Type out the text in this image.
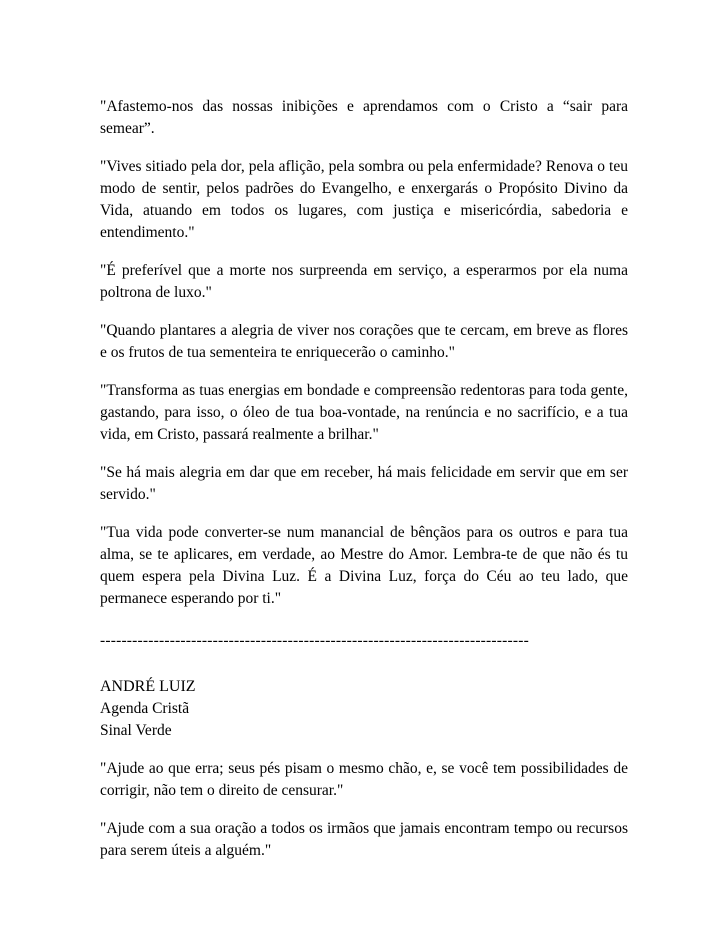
"Afastemo-nos das nossas inibições e aprendamos com o Cristo a “sair para semear”.

"Vives sitiado pela dor, pela aflição, pela sombra ou pela enfermidade? Renova o teu modo de sentir, pelos padrões do Evangelho, e enxergarás o Propósito Divino da Vida, atuando em todos os lugares, com justiça e misericórdia, sabedoria e entendimento."

"É preferível que a morte nos surpreenda em serviço, a esperarmos por ela numa poltrona de luxo."

"Quando plantares a alegria de viver nos corações que te cercam, em breve as flores e os frutos de tua sementeira te enriquecerão o caminho."

"Transforma as tuas energias em bondade e compreensão redentoras para toda gente, gastando, para isso, o óleo de tua boa-vontade, na renúncia e no sacrifício, e a tua vida, em Cristo, passará realmente a brilhar."

"Se há mais alegria em dar que em receber, há mais felicidade em servir que em ser servido."

"Tua vida pode converter-se num manancial de bênçãos para os outros e para tua alma, se te aplicares, em verdade, ao Mestre do Amor. Lembra-te de que não és tu quem espera pela Divina Luz. É a Divina Luz, força do Céu ao teu lado, que permanece esperando por ti."

--------------------------------------------------------------------------------
ANDRÉ LUIZ
Agenda Cristã
Sinal Verde

"Ajude ao que erra; seus pés pisam o mesmo chão, e, se você tem possibilidades de corrigir, não tem o direito de censurar."

"Ajude com a sua oração a todos os irmãos que jamais encontram tempo ou recursos para serem úteis a alguém."
